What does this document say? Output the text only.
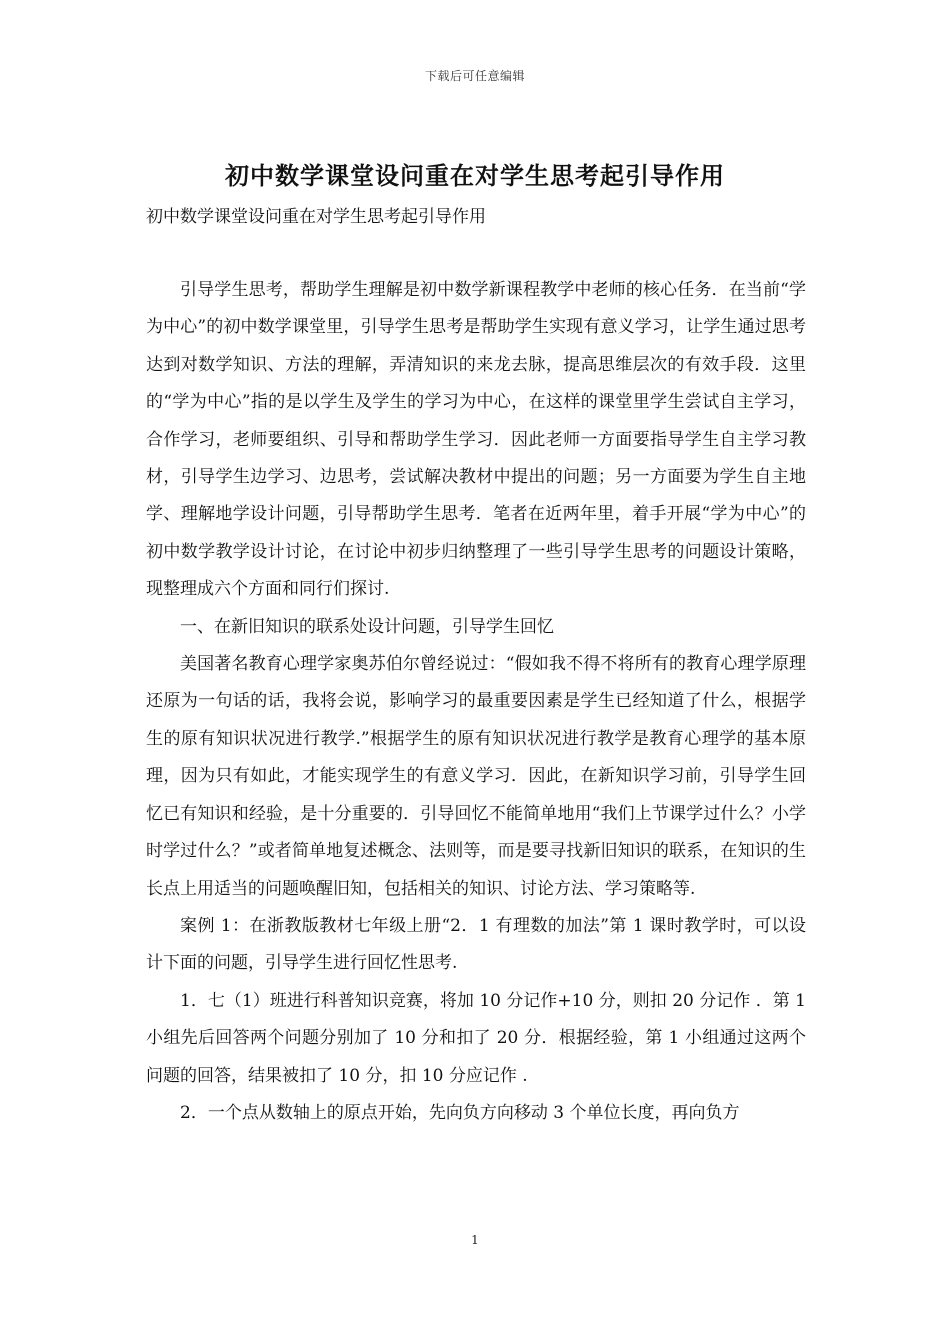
下载后可任意编辑
初中数学课堂设问重在对学生思考起引导作用

初中数学课堂设问重在对学生思考起引导作用

引导学生思考，帮助学生理解是初中数学新课程教学中老师的核心任务．在当前“学为中心”的初中数学课堂里，引导学生思考是帮助学生实现有意义学习，让学生通过思考达到对数学知识、方法的理解，弄清知识的来龙去脉，提高思维层次的有效手段．这里的“学为中心”指的是以学生及学生的学习为中心，在这样的课堂里学生尝试自主学习，合作学习，老师要组织、引导和帮助学生学习．因此老师一方面要指导学生自主学习教材，引导学生边学习、边思考，尝试解决教材中提出的问题；另一方面要为学生自主地学、理解地学设计问题，引导帮助学生思考．笔者在近两年里，着手开展“学为中心”的初中数学教学设计讨论，在讨论中初步归纳整理了一些引导学生思考的问题设计策略，现整理成六个方面和同行们探讨.

一、在新旧知识的联系处设计问题，引导学生回忆

美国著名教育心理学家奥苏伯尔曾经说过：“假如我不得不将所有的教育心理学原理还原为一句话的话，我将会说，影响学习的最重要因素是学生已经知道了什么，根据学生的原有知识状况进行教学.”根据学生的原有知识状况进行教学是教育心理学的基本原理，因为只有如此，才能实现学生的有意义学习．因此，在新知识学习前，引导学生回忆已有知识和经验，是十分重要的．引导回忆不能简单地用“我们上节课学过什么？小学时学过什么？”或者简单地复述概念、法则等，而是要寻找新旧知识的联系，在知识的生长点上用适当的问题唤醒旧知，包括相关的知识、讨论方法、学习策略等.

案例 1：在浙教版教材七年级上册“2．1 有理数的加法”第 1 课时教学时，可以设计下面的问题，引导学生进行回忆性思考.

1．七（1）班进行科普知识竞赛，将加 10 分记作+10 分，则扣 20 分记作 ．第 1 小组先后回答两个问题分别加了 10 分和扣了 20 分．根据经验，第 1 小组通过这两个问题的回答，结果被扣了 10 分，扣 10 分应记作 .

2．一个点从数轴上的原点开始，先向负方向移动 3 个单位长度，再向负方

1
